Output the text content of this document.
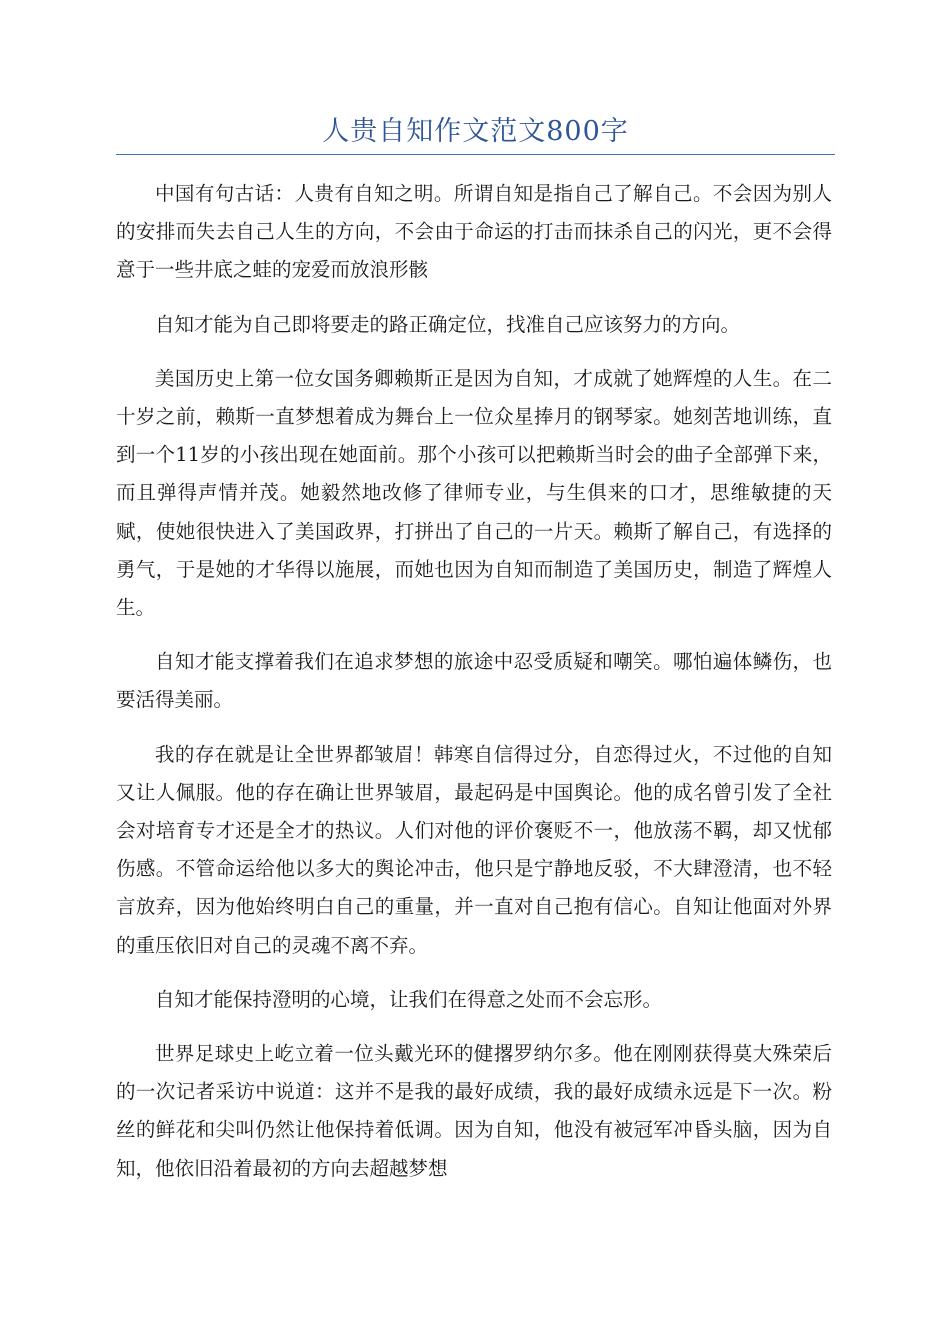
人贵自知作文范文800字

中国有句古话：人贵有自知之明。所谓自知是指自己了解自己。不会因为别人的安排而失去自己人生的方向，不会由于命运的打击而抹杀自己的闪光，更不会得意于一些井底之蛙的宠爱而放浪形骸

自知才能为自己即将要走的路正确定位，找准自己应该努力的方向。

美国历史上第一位女国务卿赖斯正是因为自知，才成就了她辉煌的人生。在二十岁之前，赖斯一直梦想着成为舞台上一位众星捧月的钢琴家。她刻苦地训练，直到一个11岁的小孩出现在她面前。那个小孩可以把赖斯当时会的曲子全部弹下来，而且弹得声情并茂。她毅然地改修了律师专业，与生俱来的口才，思维敏捷的天赋，使她很快进入了美国政界，打拼出了自己的一片天。赖斯了解自己，有选择的勇气，于是她的才华得以施展，而她也因为自知而制造了美国历史，制造了辉煌人生。

自知才能支撑着我们在追求梦想的旅途中忍受质疑和嘲笑。哪怕遍体鳞伤，也要活得美丽。

我的存在就是让全世界都皱眉！韩寒自信得过分，自恋得过火，不过他的自知又让人佩服。他的存在确让世界皱眉，最起码是中国舆论。他的成名曾引发了全社会对培育专才还是全才的热议。人们对他的评价褒贬不一，他放荡不羁，却又忧郁伤感。不管命运给他以多大的舆论冲击，他只是宁静地反驳，不大肆澄清，也不轻言放弃，因为他始终明白自己的重量，并一直对自己抱有信心。自知让他面对外界的重压依旧对自己的灵魂不离不弃。

自知才能保持澄明的心境，让我们在得意之处而不会忘形。

世界足球史上屹立着一位头戴光环的健撂罗纳尔多。他在刚刚获得莫大殊荣后的一次记者采访中说道：这并不是我的最好成绩，我的最好成绩永远是下一次。粉丝的鲜花和尖叫仍然让他保持着低调。因为自知，他没有被冠军冲昏头脑，因为自知，他依旧沿着最初的方向去超越梦想
